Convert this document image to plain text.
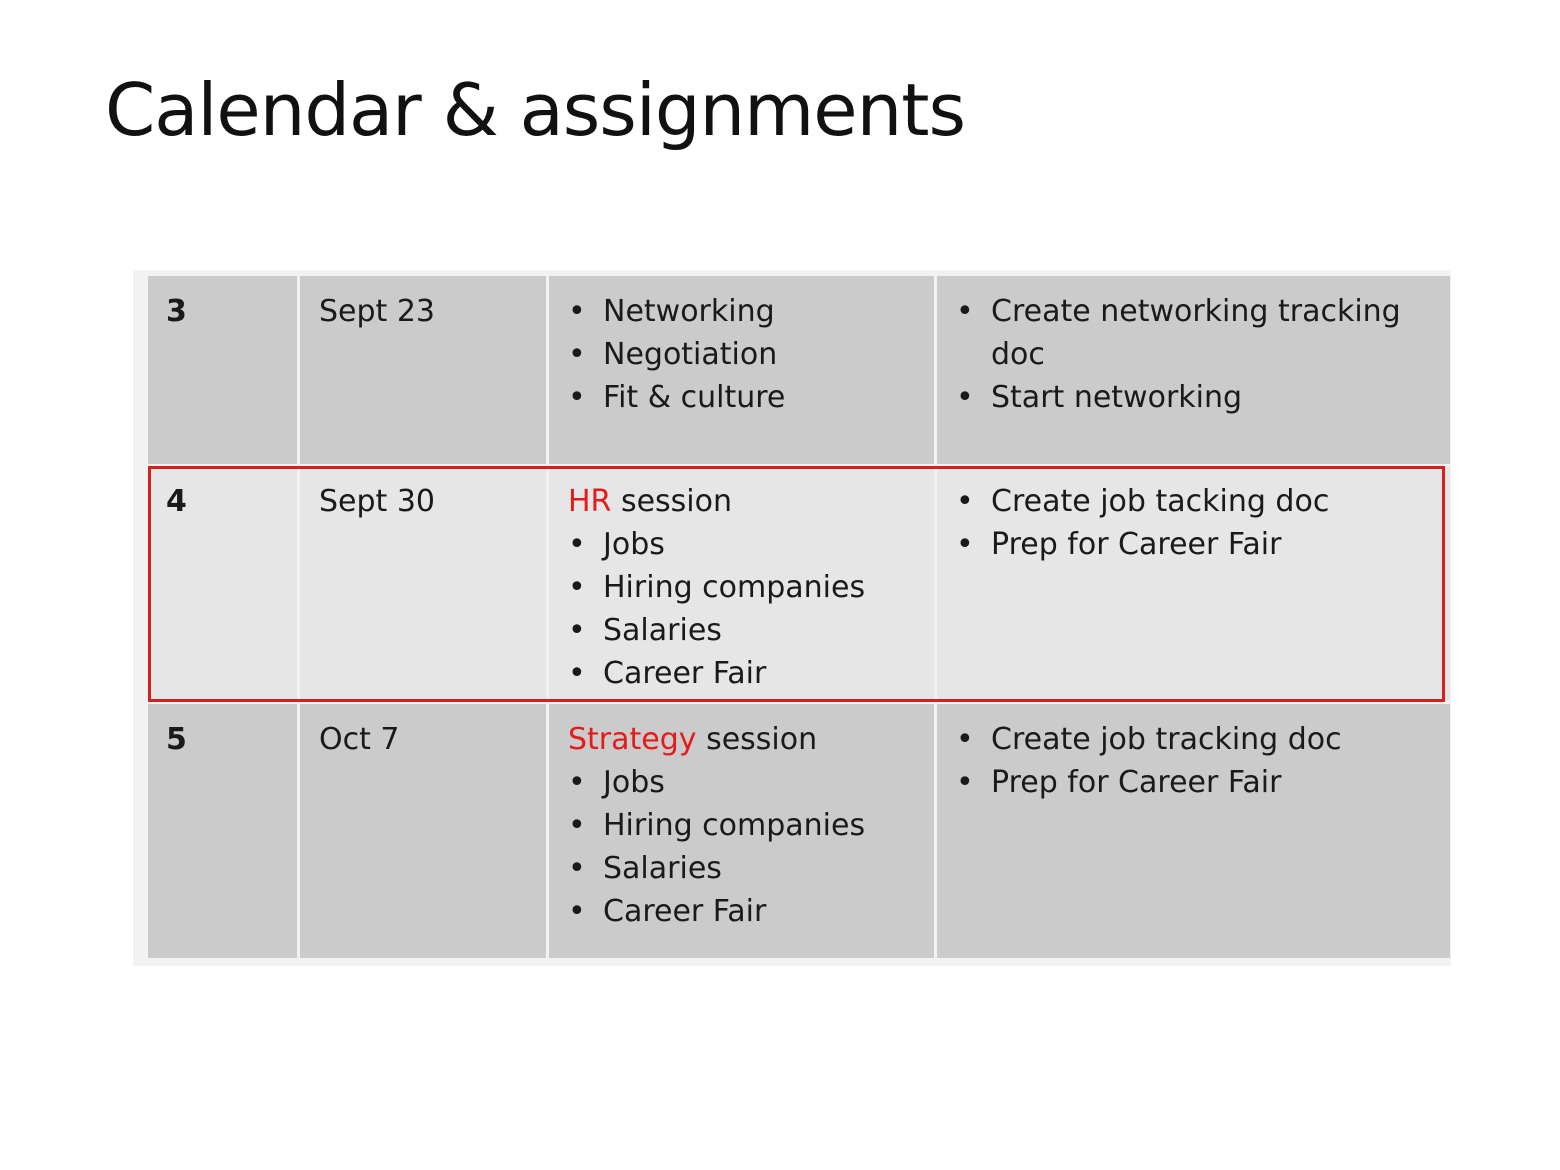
Calendar & assignments
3	Sept 23
•	Networking
• Negotiation
• Fit & culture
• Create networking tracking doc
• Start networking
4	Sept 30	HR session
• Jobs
• Hiring companies
• Salaries
• Career Fair
• Create job tacking doc
• Prep for Career Fair
5	Oct 7	Strategy session
• Jobs
• Hiring companies
• Salaries
• Career Fair
• Create job tracking doc
• Prep for Career Fair
